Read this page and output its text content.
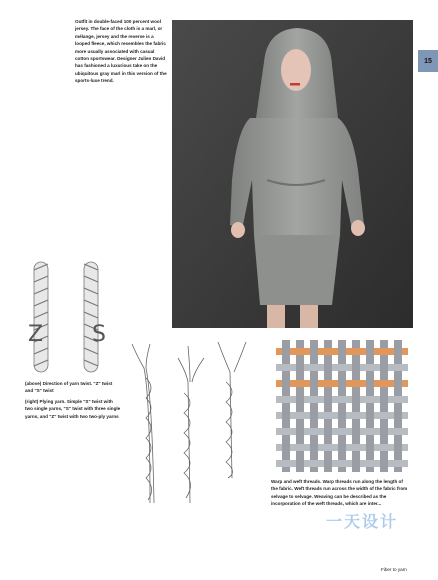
15
Outfit in double-faced 100 percent wool jersey. The face of the cloth is a marl, or mélange, jersey and the reverse is a looped fleece, which resembles the fabric more usually associated with casual cotton sportswear. Designer Julien David has fashioned a luxurious take on the ubiquitous gray marl in this version of the sports-luxe trend.
Z S
(above) Direction of yarn twist. "Z" twist and "S" twist
(right) Plying yarn. Simple "S" twist with two single yarns, "S" twist with three single yarns, and "Z" twist with two two-ply yarns
Warp and weft threads. Warp threads run along the length of the fabric. Weft threads run across the width of the fabric from selvage to selvage. Weaving can be described as the incorporation of the weft threads, which are inter...
一天设计
Fiber to yarn
